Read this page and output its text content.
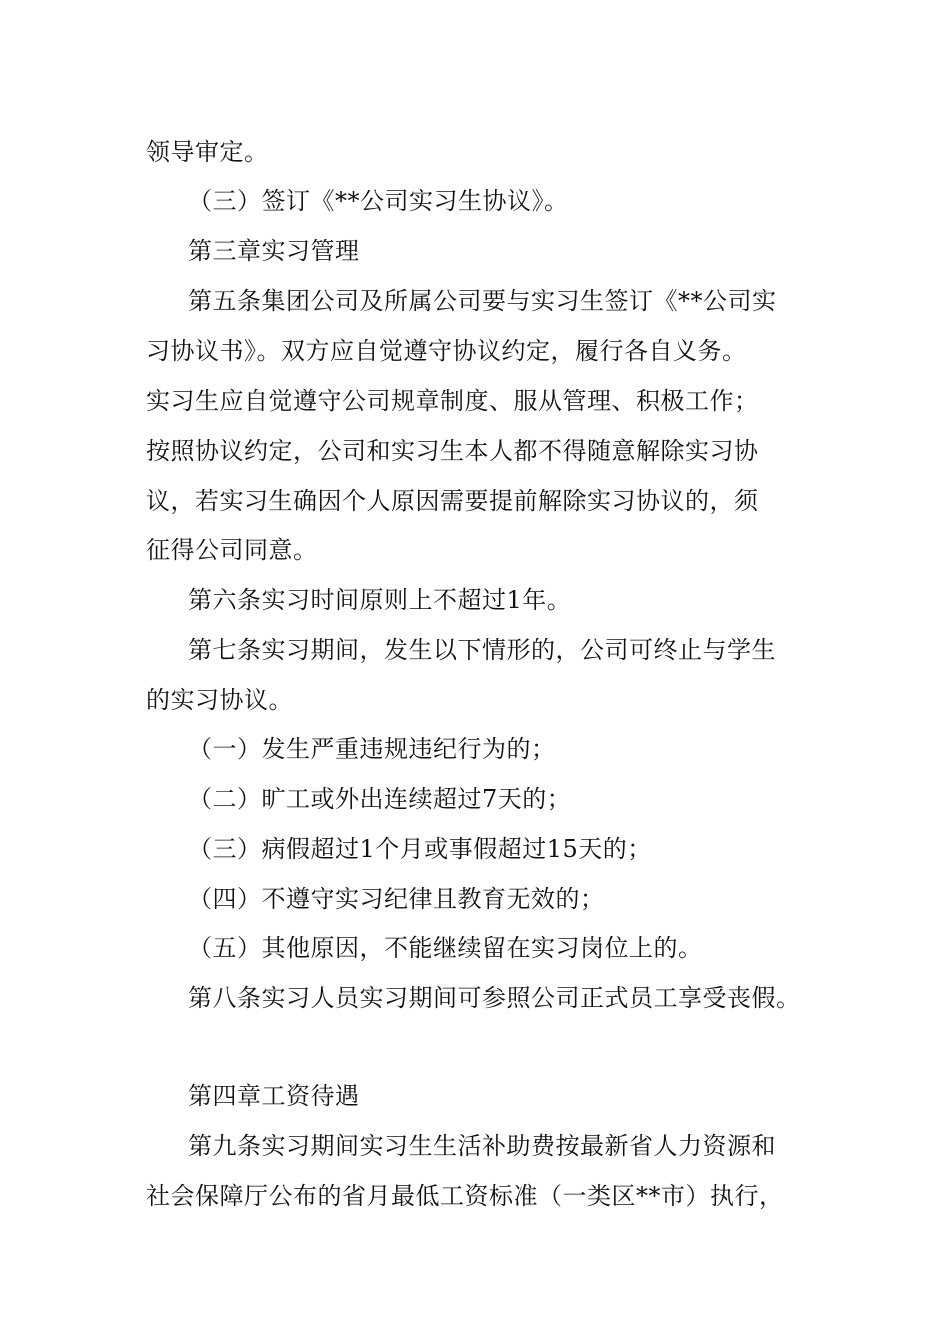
领导审定。
（三）签订《**公司实习生协议》。
第三章实习管理
第五条集团公司及所属公司要与实习生签订《**公司实
习协议书》。双方应自觉遵守协议约定，履行各自义务。
实习生应自觉遵守公司规章制度、服从管理、积极工作；
按照协议约定，公司和实习生本人都不得随意解除实习协
议，若实习生确因个人原因需要提前解除实习协议的，须
征得公司同意。
第六条实习时间原则上不超过1年。
第七条实习期间，发生以下情形的，公司可终止与学生
的实习协议。
（一）发生严重违规违纪行为的；
（二）旷工或外出连续超过7天的；
（三）病假超过1个月或事假超过15天的；
（四）不遵守实习纪律且教育无效的；
（五）其他原因，不能继续留在实习岗位上的。
第八条实习人员实习期间可参照公司正式员工享受丧假。
第四章工资待遇
第九条实习期间实习生生活补助费按最新省人力资源和
社会保障厅公布的省月最低工资标准（一类区**市）执行，
